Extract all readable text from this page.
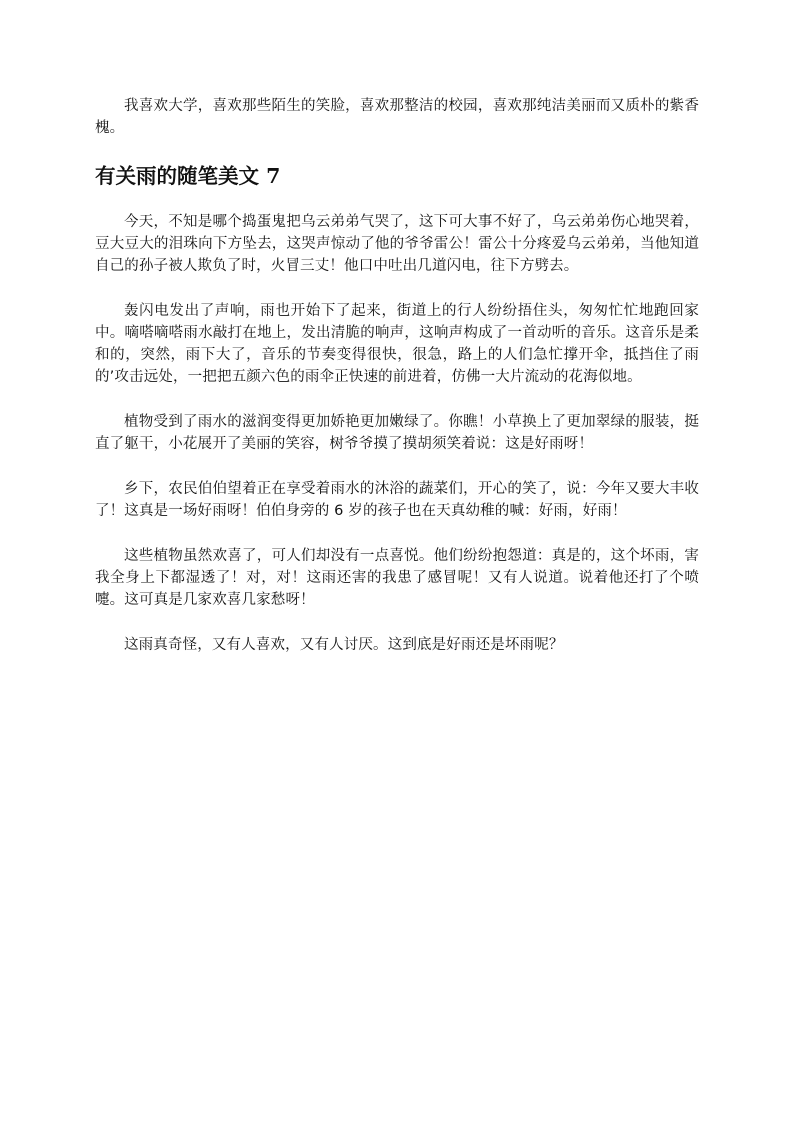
我喜欢大学，喜欢那些陌生的笑脸，喜欢那整洁的校园，喜欢那纯洁美丽而又质朴的紫香槐。

有关雨的随笔美文 7

今天，不知是哪个捣蛋鬼把乌云弟弟气哭了，这下可大事不好了，乌云弟弟伤心地哭着，豆大豆大的泪珠向下方坠去，这哭声惊动了他的爷爷雷公！雷公十分疼爱乌云弟弟，当他知道自己的孙子被人欺负了时，火冒三丈！他口中吐出几道闪电，往下方劈去。

轰闪电发出了声响，雨也开始下了起来，街道上的行人纷纷捂住头，匆匆忙忙地跑回家中。嘀嗒嘀嗒雨水敲打在地上，发出清脆的响声，这响声构成了一首动听的音乐。这音乐是柔和的，突然，雨下大了，音乐的节奏变得很快，很急，路上的人们急忙撑开伞，抵挡住了雨的’攻击远处，一把把五颜六色的雨伞正快速的前进着，仿佛一大片流动的花海似地。

植物受到了雨水的滋润变得更加娇艳更加嫩绿了。你瞧！小草换上了更加翠绿的服装，挺直了躯干，小花展开了美丽的笑容，树爷爷摸了摸胡须笑着说：这是好雨呀！

乡下，农民伯伯望着正在享受着雨水的沐浴的蔬菜们，开心的笑了，说：今年又要大丰收了！这真是一场好雨呀！伯伯身旁的 6 岁的孩子也在天真幼稚的喊：好雨，好雨！

这些植物虽然欢喜了，可人们却没有一点喜悦。他们纷纷抱怨道：真是的，这个坏雨，害我全身上下都湿透了！对，对！这雨还害的我患了感冒呢！又有人说道。说着他还打了个喷嚏。这可真是几家欢喜几家愁呀！

这雨真奇怪，又有人喜欢，又有人讨厌。这到底是好雨还是坏雨呢？
